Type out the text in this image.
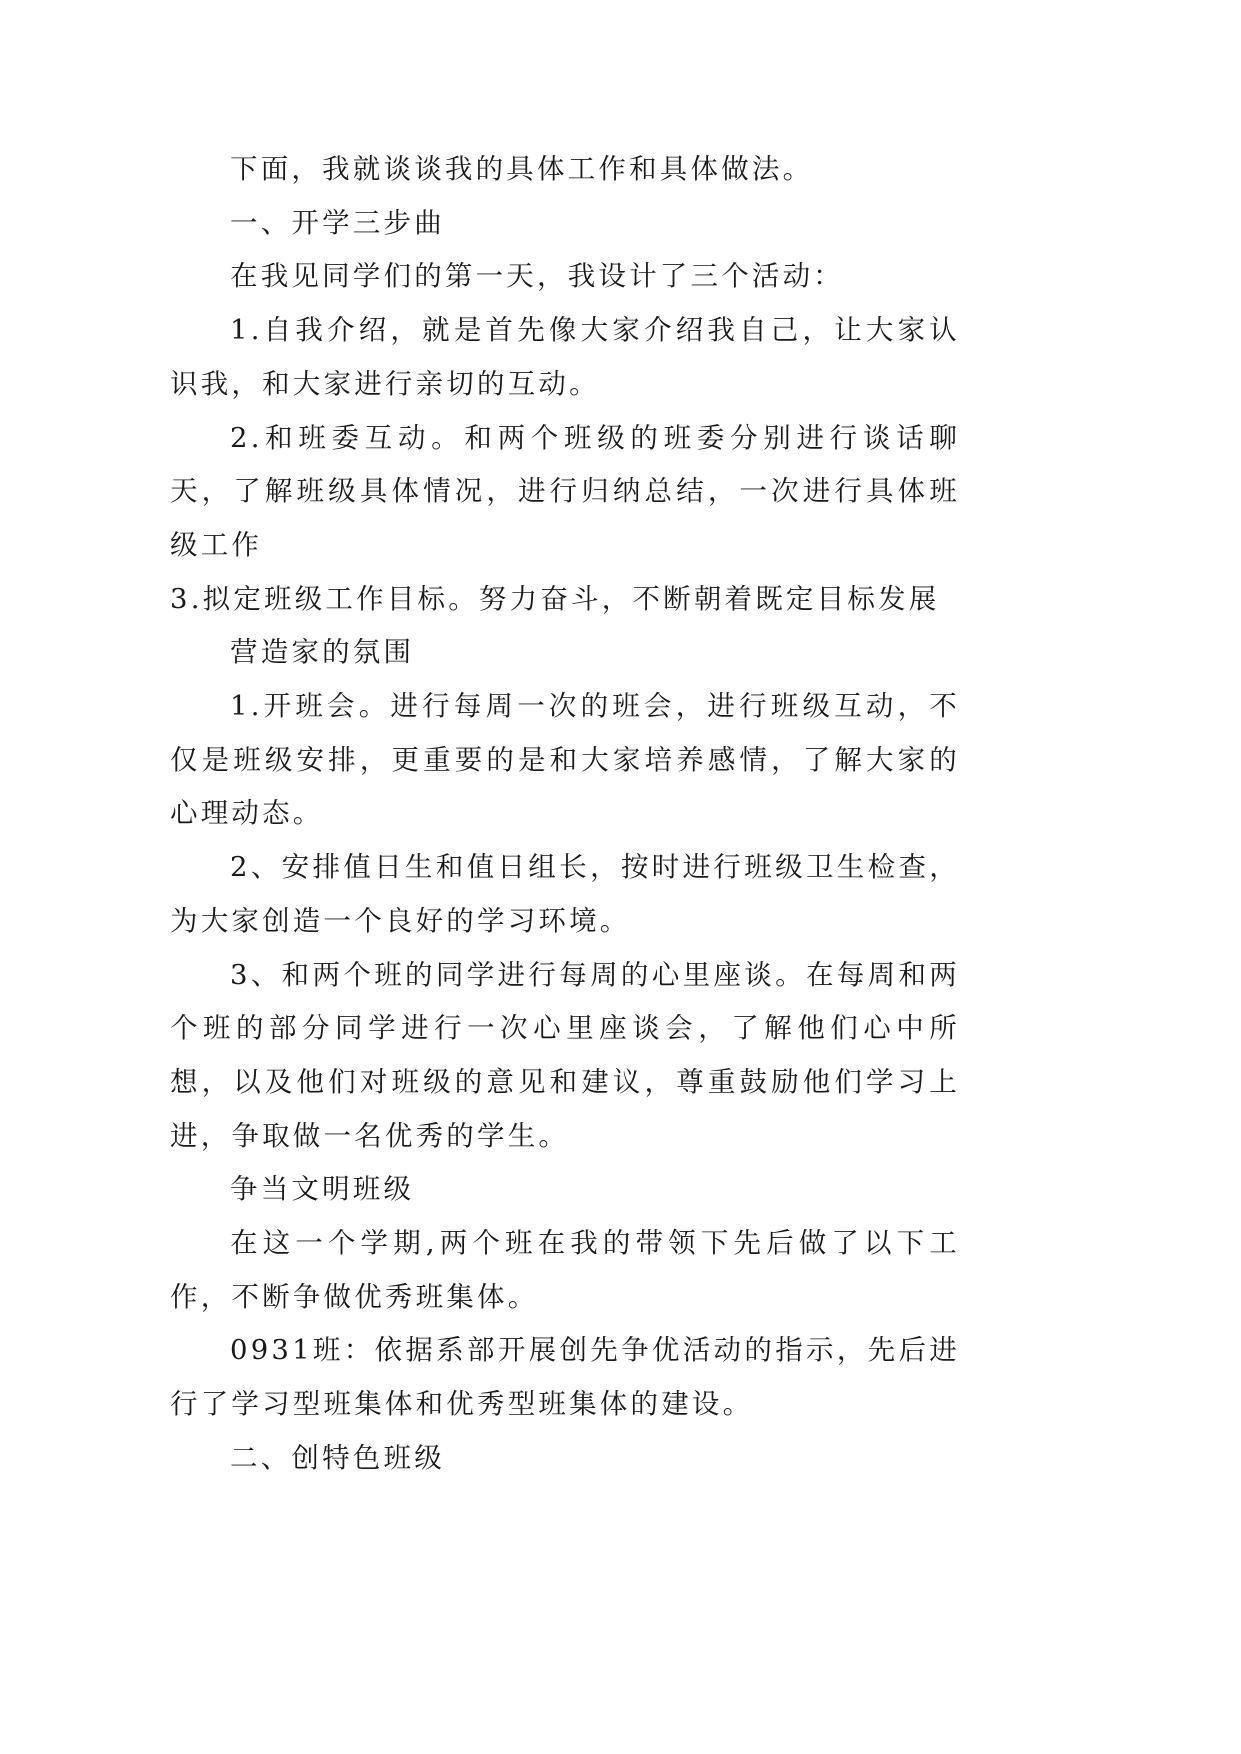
下面，我就谈谈我的具体工作和具体做法。

一、开学三步曲

在我见同学们的第一天，我设计了三个活动：

1.自我介绍，就是首先像大家介绍我自己，让大家认识我，和大家进行亲切的互动。

2.和班委互动。和两个班级的班委分别进行谈话聊天，了解班级具体情况，进行归纳总结，一次进行具体班级工作

3.拟定班级工作目标。努力奋斗，不断朝着既定目标发展

营造家的氛围

1.开班会。进行每周一次的班会，进行班级互动，不仅是班级安排，更重要的是和大家培养感情，了解大家的心理动态。

2、安排值日生和值日组长，按时进行班级卫生检查，为大家创造一个良好的学习环境。

3、和两个班的同学进行每周的心里座谈。在每周和两个班的部分同学进行一次心里座谈会，了解他们心中所想，以及他们对班级的意见和建议，尊重鼓励他们学习上进，争取做一名优秀的学生。

争当文明班级

在这一个学期,两个班在我的带领下先后做了以下工作，不断争做优秀班集体。

0931班：依据系部开展创先争优活动的指示，先后进行了学习型班集体和优秀型班集体的建设。

二、创特色班级
